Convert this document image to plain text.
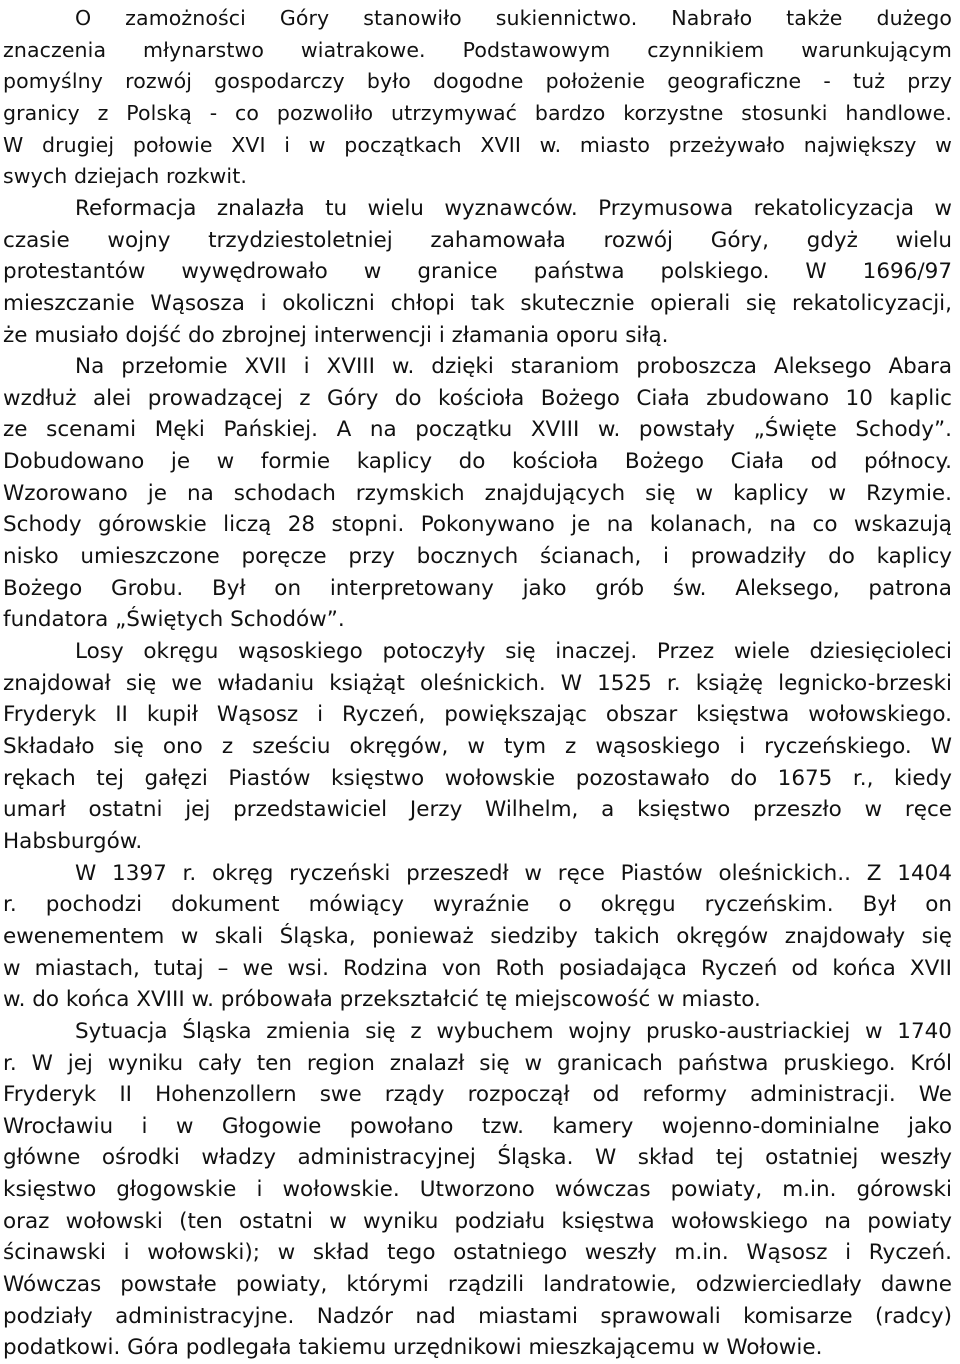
O zamożności Góry stanowiło sukiennictwo. Nabrało także dużego
znaczenia młynarstwo wiatrakowe. Podstawowym czynnikiem warunkującym
pomyślny rozwój gospodarczy było dogodne położenie geograficzne - tuż przy
granicy z Polską - co pozwoliło utrzymywać bardzo korzystne stosunki handlowe.
W drugiej połowie XVI i w początkach XVII w. miasto przeżywało największy w
swych dziejach rozkwit.
Reformacja znalazła tu wielu wyznawców. Przymusowa rekatolicyzacja w
czasie wojny trzydziestoletniej zahamowała rozwój Góry, gdyż wielu
protestantów wywędrowało w granice państwa polskiego. W 1696/97
mieszczanie Wąsosza i okoliczni chłopi tak skutecznie opierali się rekatolicyzacji,
że musiało dojść do zbrojnej interwencji i złamania oporu siłą.
Na przełomie XVII i XVIII w. dzięki staraniom proboszcza Aleksego Abara
wzdłuż alei prowadzącej z Góry do kościoła Bożego Ciała zbudowano 10 kaplic
ze scenami Męki Pańskiej. A na początku XVIII w. powstały „Święte Schody”.
Dobudowano je w formie kaplicy do kościoła Bożego Ciała od północy.
Wzorowano je na schodach rzymskich znajdujących się w kaplicy w Rzymie.
Schody górowskie liczą 28 stopni. Pokonywano je na kolanach, na co wskazują
nisko umieszczone poręcze przy bocznych ścianach, i prowadziły do kaplicy
Bożego Grobu. Był on interpretowany jako grób św. Aleksego, patrona
fundatora „Świętych Schodów”.
Losy okręgu wąsoskiego potoczyły się inaczej. Przez wiele dziesięcioleci
znajdował się we władaniu książąt oleśnickich. W 1525 r. książę legnicko-brzeski
Fryderyk II kupił Wąsosz i Ryczeń, powiększając obszar księstwa wołowskiego.
Składało się ono z sześciu okręgów, w tym z wąsoskiego i ryczeńskiego. W
rękach tej gałęzi Piastów księstwo wołowskie pozostawało do 1675 r., kiedy
umarł ostatni jej przedstawiciel Jerzy Wilhelm, a księstwo przeszło w ręce
Habsburgów.
W 1397 r. okręg ryczeński przeszedł w ręce Piastów oleśnickich.. Z 1404
r. pochodzi dokument mówiący wyraźnie o okręgu ryczeńskim. Był on
ewenementem w skali Śląska, ponieważ siedziby takich okręgów znajdowały się
w miastach, tutaj – we wsi. Rodzina von Roth posiadająca Ryczeń od końca XVII
w. do końca XVIII w. próbowała przekształcić tę miejscowość w miasto.
Sytuacja Śląska zmienia się z wybuchem wojny prusko-austriackiej w 1740
r. W jej wyniku cały ten region znalazł się w granicach państwa pruskiego. Król
Fryderyk II Hohenzollern swe rządy rozpoczął od reformy administracji. We
Wrocławiu i w Głogowie powołano tzw. kamery wojenno-dominialne jako
główne ośrodki władzy administracyjnej Śląska. W skład tej ostatniej weszły
księstwo głogowskie i wołowskie. Utworzono wówczas powiaty, m.in. górowski
oraz wołowski (ten ostatni w wyniku podziału księstwa wołowskiego na powiaty
ścinawski i wołowski); w skład tego ostatniego weszły m.in. Wąsosz i Ryczeń.
Wówczas powstałe powiaty, którymi rządzili landratowie, odzwierciedlały dawne
podziały administracyjne. Nadzór nad miastami sprawowali komisarze (radcy)
podatkowi. Góra podlegała takiemu urzędnikowi mieszkającemu w Wołowie.
